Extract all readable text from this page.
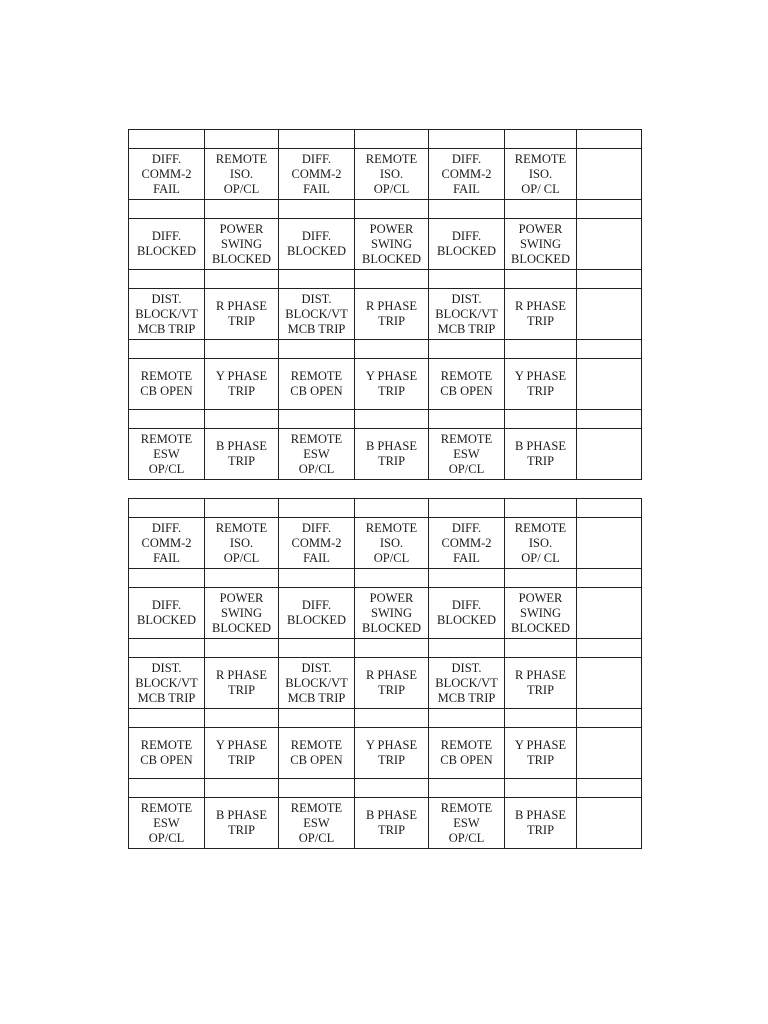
DIFF.
COMM-2
FAIL	REMOTE
ISO.
OP/CL	DIFF.
COMM-2
FAIL	REMOTE
ISO.
OP/CL	DIFF.
COMM-2
FAIL	REMOTE
ISO.
OP/ CL	

DIFF.
BLOCKED	POWER
SWING
BLOCKED	DIFF.
BLOCKED	POWER
SWING
BLOCKED	DIFF.
BLOCKED	POWER
SWING
BLOCKED	

DIST.
BLOCK/VT
MCB TRIP	R PHASE
TRIP	DIST.
BLOCK/VT
MCB TRIP	R PHASE
TRIP	DIST.
BLOCK/VT
MCB TRIP	R PHASE
TRIP	

REMOTE
CB OPEN	Y PHASE
TRIP	REMOTE
CB OPEN	Y PHASE
TRIP	REMOTE
CB OPEN	Y PHASE
TRIP	

REMOTE
ESW
OP/CL	B PHASE
TRIP	REMOTE
ESW
OP/CL	B PHASE
TRIP	REMOTE
ESW
OP/CL	B PHASE
TRIP	

DIFF.
COMM-2
FAIL	REMOTE
ISO.
OP/CL	DIFF.
COMM-2
FAIL	REMOTE
ISO.
OP/CL	DIFF.
COMM-2
FAIL	REMOTE
ISO.
OP/ CL	

DIFF.
BLOCKED	POWER
SWING
BLOCKED	DIFF.
BLOCKED	POWER
SWING
BLOCKED	DIFF.
BLOCKED	POWER
SWING
BLOCKED	

DIST.
BLOCK/VT
MCB TRIP	R PHASE
TRIP	DIST.
BLOCK/VT
MCB TRIP	R PHASE
TRIP	DIST.
BLOCK/VT
MCB TRIP	R PHASE
TRIP	

REMOTE
CB OPEN	Y PHASE
TRIP	REMOTE
CB OPEN	Y PHASE
TRIP	REMOTE
CB OPEN	Y PHASE
TRIP	

REMOTE
ESW
OP/CL	B PHASE
TRIP	REMOTE
ESW
OP/CL	B PHASE
TRIP	REMOTE
ESW
OP/CL	B PHASE
TRIP	
